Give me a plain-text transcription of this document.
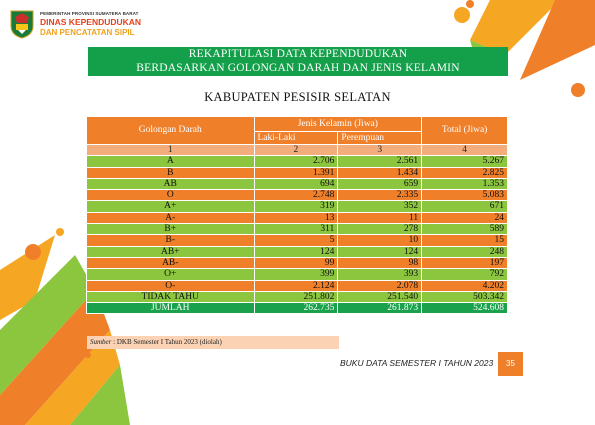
PEMERINTAH PROVINSI SUMATERA BARAT
DINAS KEPENDUDUKAN
DAN PENCATATAN SIPIL
REKAPITULASI DATA KEPENDUDUKAN
BERDASARKAN GOLONGAN DARAH DAN JENIS KELAMIN
KABUPATEN PESISIR SELATAN
Golongan Darah	Jenis Kelamin (Jiwa)		Total (Jiwa)
	Laki-Laki	Perempuan	
1	2	3	4
A	2.706	2.561	5.267
B	1.391	1.434	2.825
AB	694	659	1.353
O	2.748	2.335	5.083
A+	319	352	671
A-	13	11	24
B+	311	278	589
B-	5	10	15
AB+	124	124	248
AB-	99	98	197
O+	399	393	792
O-	2.124	2.078	4.202
TIDAK TAHU	251.802	251.540	503.342
JUMLAH	262.735	261.873	524.608
Sumber : DKB Semester I Tahun 2023 (diolah)
BUKU DATA SEMESTER I TAHUN 2023	35
